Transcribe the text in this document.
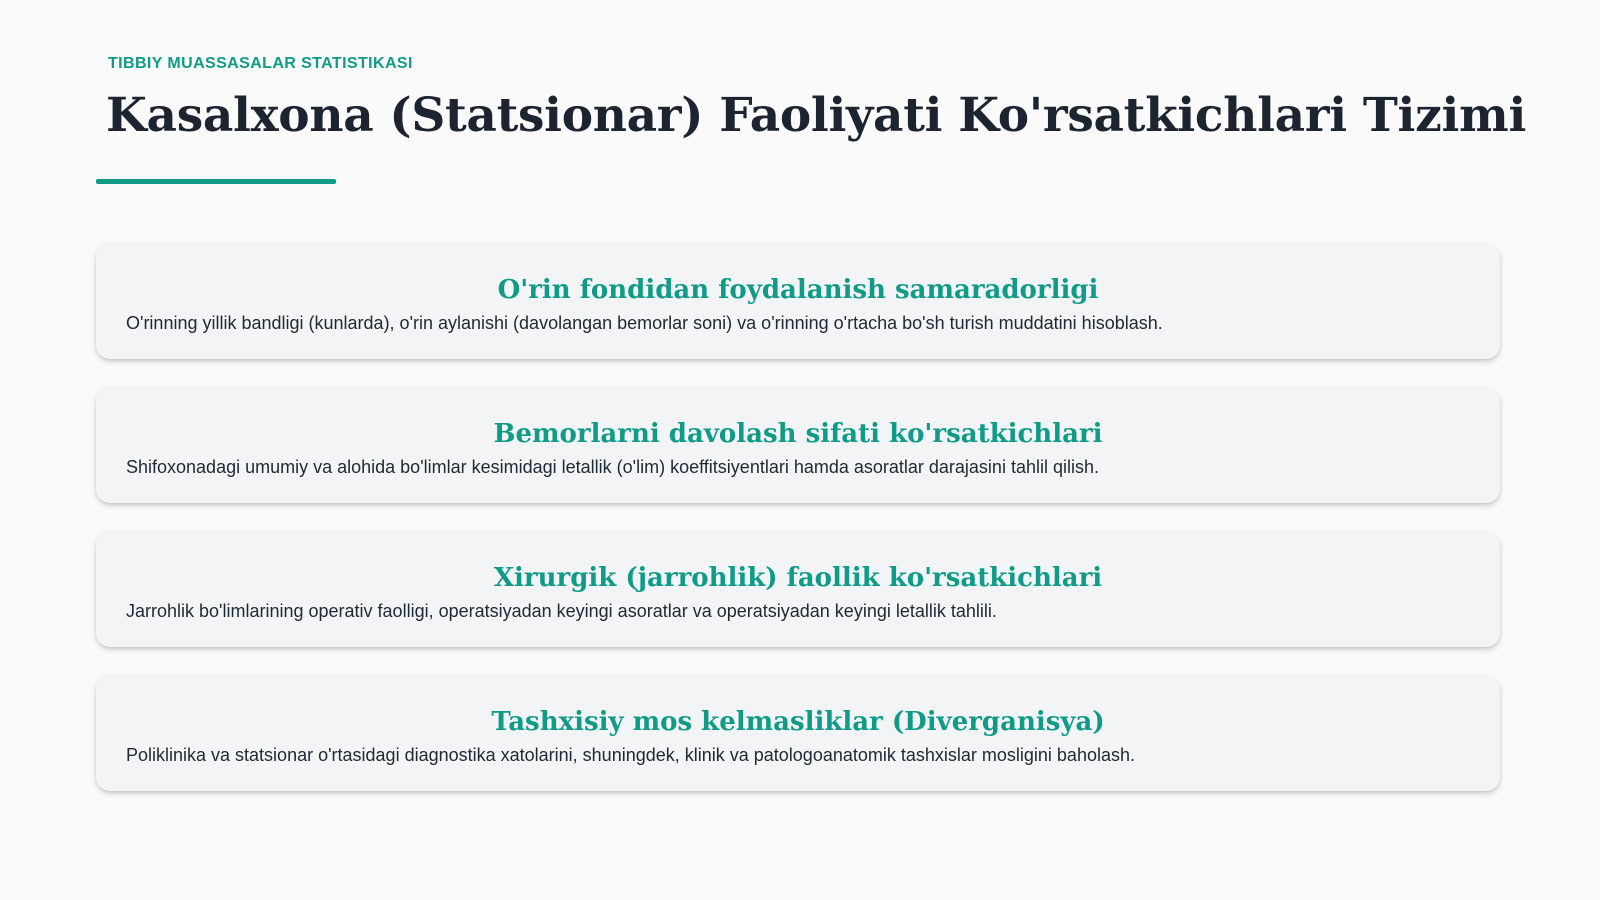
TIBBIY MUASSASALAR STATISTIKASI
Kasalxona (Statsionar) Faoliyati Ko'rsatkichlari Tizimi
O'rin fondidan foydalanish samaradorligi
O'rinning yillik bandligi (kunlarda), o'rin aylanishi (davolangan bemorlar soni) va o'rinning o'rtacha bo'sh turish muddatini hisoblash.
Bemorlarni davolash sifati ko'rsatkichlari
Shifoxonadagi umumiy va alohida bo'limlar kesimidagi letallik (o'lim) koeffitsiyentlari hamda asoratlar darajasini tahlil qilish.
Xirurgik (jarrohlik) faollik ko'rsatkichlari
Jarrohlik bo'limlarining operativ faolligi, operatsiyadan keyingi asoratlar va operatsiyadan keyingi letallik tahlili.
Tashxisiy mos kelmasliklar (Diverganisya)
Poliklinika va statsionar o'rtasidagi diagnostika xatolarini, shuningdek, klinik va patologoanatomik tashxislar mosligini baholash.
